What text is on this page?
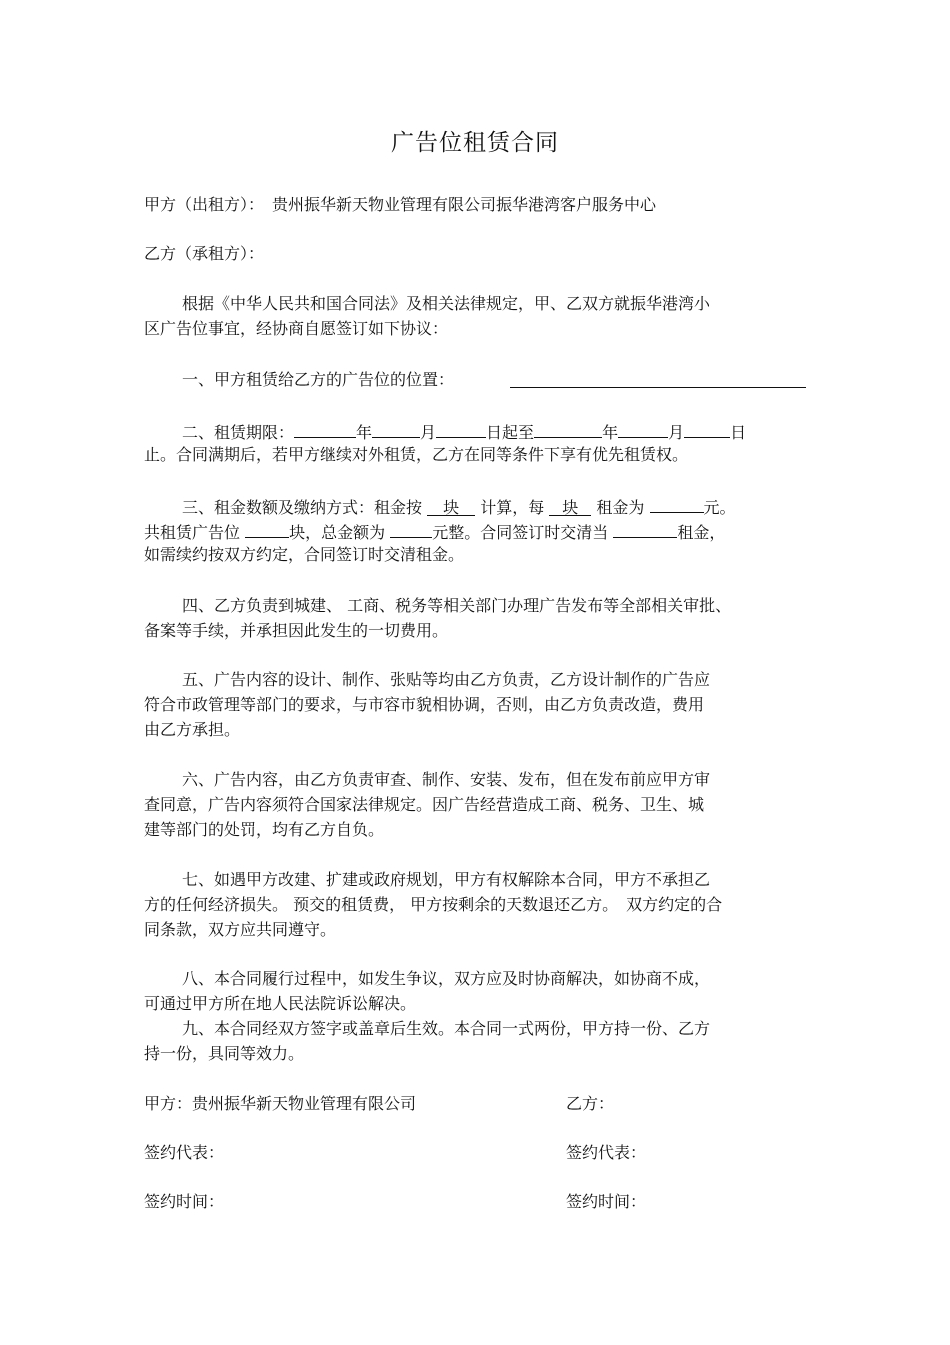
广告位租赁合同
甲方（出租方）：　贵州振华新天物业管理有限公司振华港湾客户服务中心
乙方（承租方）：
根据《中华人民共和国合同法》及相关法律规定，甲、乙双方就振华港湾小
区广告位事宜，经协商自愿签订如下协议：
一、甲方租赁给乙方的广告位的位置：
二、租赁期限：	年	月	日起至	年	月	日
止。合同满期后，若甲方继续对外租赁，乙方在同等条件下享有优先租赁权。
三、租金数额及缴纳方式：租金按 块 计算，每 块 租金为	元。
共租赁广告位	块，总金额为	元整。合同签订时交清当	租金，
如需续约按双方约定，合同签订时交清租金。
四、乙方负责到城建、 工商、税务等相关部门办理广告发布等全部相关审批、
备案等手续，并承担因此发生的一切费用。
五、广告内容的设计、制作、张贴等均由乙方负责，乙方设计制作的广告应
符合市政管理等部门的要求，与市容市貌相协调，否则，由乙方负责改造，费用
由乙方承担。
六、广告内容，由乙方负责审查、制作、安装、发布，但在发布前应甲方审
查同意，广告内容须符合国家法律规定。因广告经营造成工商、税务、卫生、城
建等部门的处罚，均有乙方自负。
七、如遇甲方改建、扩建或政府规划，甲方有权解除本合同，甲方不承担乙
方的任何经济损失。 预交的租赁费， 甲方按剩余的天数退还乙方。　双方约定的合
同条款，双方应共同遵守。
八、本合同履行过程中，如发生争议，双方应及时协商解决，如协商不成，
可通过甲方所在地人民法院诉讼解决。
九、本合同经双方签字或盖章后生效。本合同一式两份，甲方持一份、乙方
持一份，具同等效力。
甲方：贵州振华新天物业管理有限公司	乙方：
签约代表：	签约代表：
签约时间：	签约时间：
